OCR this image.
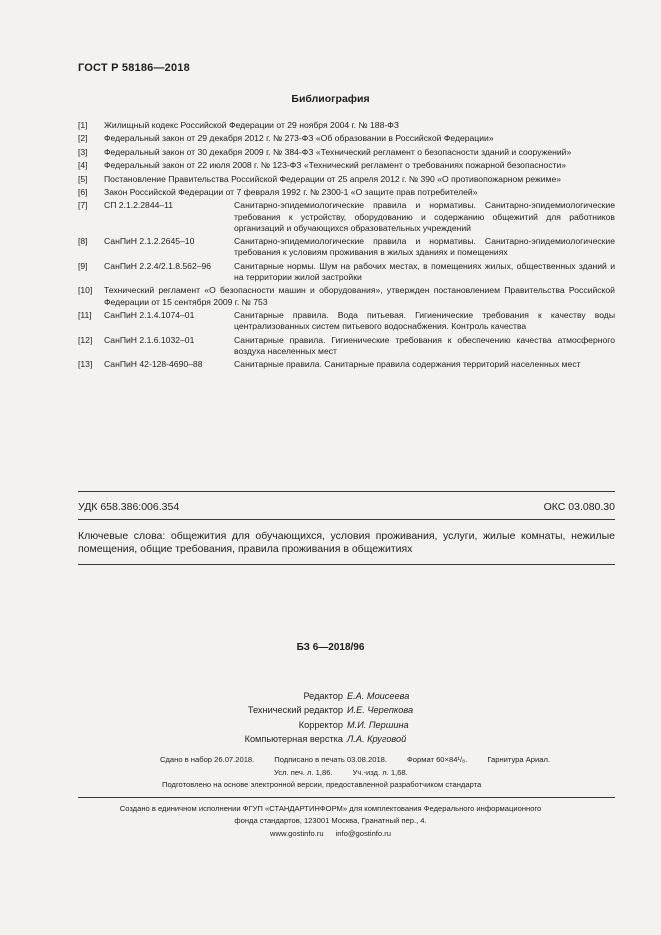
ГОСТ Р 58186—2018
Библиография
[1]	Жилищный кодекс Российской Федерации от 29 ноября 2004 г. № 188-ФЗ
[2]	Федеральный закон от 29 декабря 2012 г. № 273-ФЗ «Об образовании в Российской Федерации»
[3]	Федеральный закон от 30 декабря 2009 г. № 384-ФЗ «Технический регламент о безопасности зданий и сооружений»
[4]	Федеральный закон от 22 июля 2008 г. № 123-ФЗ «Технический регламент о требованиях пожарной безопасности»
[5]	Постановление Правительства Российской Федерации от 25 апреля 2012 г. № 390 «О противопожарном режиме»
[6]	Закон Российской Федерации от 7 февраля 1992 г. № 2300-1 «О защите прав потребителей»
[7]	СП 2.1.2.2844–11	Санитарно-эпидемиологические правила и нормативы. Санитарно-эпидемиологические требования к устройству, оборудованию и содержанию общежитий для работников организаций и обучающихся образовательных учреждений
[8]	СанПиН 2.1.2.2645–10	Санитарно-эпидемиологические правила и нормативы. Санитарно-эпидемиологические требования к условиям проживания в жилых зданиях и помещениях
[9]	СанПиН 2.2.4/2.1.8.562–96	Санитарные нормы. Шум на рабочих местах, в помещениях жилых, общественных зданий и на территории жилой застройки
[10]	Технический регламент «О безопасности машин и оборудования», утвержден постановлением Правительства Российской Федерации от 15 сентября 2009 г. № 753
[11]	СанПиН 2.1.4.1074–01	Санитарные правила. Вода питьевая. Гигиенические требования к качеству воды централизованных систем питьевого водоснабжения. Контроль качества
[12]	СанПиН 2.1.6.1032–01	Санитарные правила. Гигиенические требования к обеспечению качества атмосферного воздуха населенных мест
[13]	СанПиН 42-128-4690–88	Санитарные правила. Санитарные правила содержания территорий населенных мест
УДК 658.386:006.354	ОКС 03.080.30
Ключевые слова: общежития для обучающихся, условия проживания, услуги, жилые комнаты, нежилые помещения, общие требования, правила проживания в общежитиях
БЗ 6—2018/96
Редактор Е.А. Моисеева
Технический редактор И.Е. Черепкова
Корректор М.И. Першина
Компьютерная верстка Л.А. Круговой
Сдано в набор 26.07.2018.	Подписано в печать 03.08.2018.	Формат 60×84¹/₈.	Гарнитура Ариал.
Усл. печ. л. 1,86.	Уч.-изд. л. 1,68.
Подготовлено на основе электронной версии, предоставленной разработчиком стандарта
Создано в единичном исполнении ФГУП «СТАНДАРТИНФОРМ» для комплектования Федерального информационного
фонда стандартов, 123001 Москва, Гранатный пер., 4.
www.gostinfo.ru info@gostinfo.ru
